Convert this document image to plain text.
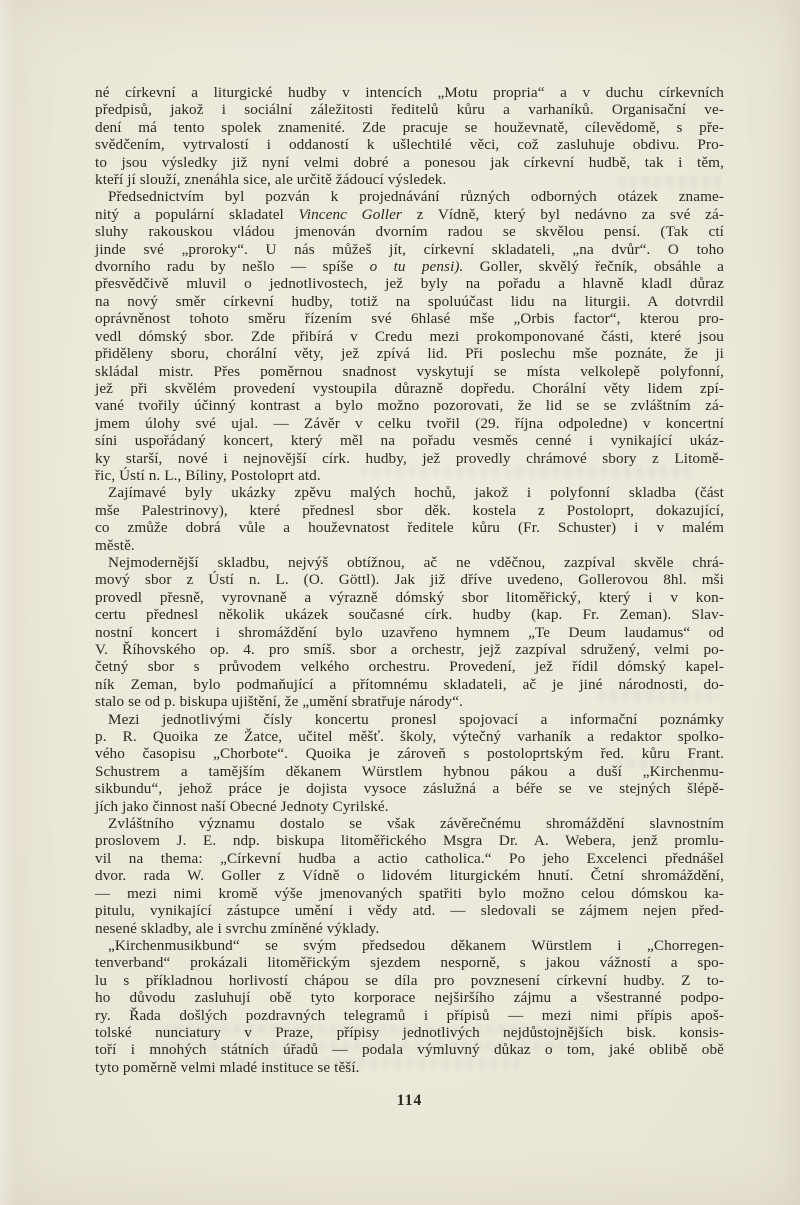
né církevní a liturgické hudby v intencích „Motu propria“ a v duchu církevních
předpisů, jakož i sociální záležitosti ředitelů kůru a varhaníků. Organisační ve-
dení má tento spolek znamenité. Zde pracuje se houževnatě, cílevědomě, s pře-
svědčením, vytrvalostí i oddaností k ušlechtilé věci, což zasluhuje obdivu. Pro-
to jsou výsledky již nyní velmi dobré a ponesou jak církevní hudbě, tak i těm,
kteří jí slouží, znenáhla sice, ale určitě žádoucí výsledek.
Předsednictvím byl pozván k projednávání různých odborných otázek zname-
nitý a populární skladatel Vincenc Goller z Vídně, který byl nedávno za své zá-
sluhy rakouskou vládou jmenován dvorním radou se skvělou pensí. (Tak ctí
jinde své „proroky“. U nás můžeš jít, církevní skladateli, „na dvůr“. O toho
dvorního radu by nešlo — spíše o tu pensi). Goller, skvělý řečník, obsáhle a
přesvědčivě mluvil o jednotlivostech, jež byly na pořadu a hlavně kladl důraz
na nový směr církevní hudby, totiž na spoluúčast lidu na liturgii. A dotvrdil
oprávněnost tohoto směru řízením své 6hlasé mše „Orbis factor“, kterou pro-
vedl dómský sbor. Zde přibírá v Credu mezi prokomponované části, které jsou
přiděleny sboru, chorální věty, jež zpívá lid. Při poslechu mše poznáte, že ji
skládal mistr. Přes poměrnou snadnost vyskytují se místa velkolepě polyfonní,
jež při skvělém provedení vystoupila důrazně dopředu. Chorální věty lidem zpí-
vané tvořily účinný kontrast a bylo možno pozorovati, že lid se se zvláštním zá-
jmem úlohy své ujal. — Závěr v celku tvořil (29. října odpoledne) v koncertní
síni uspořádaný koncert, který měl na pořadu vesměs cenné i vynikající ukáz-
ky starší, nové i nejnovější círk. hudby, jež provedly chrámové sbory z Litomě-
řic, Ústí n. L., Bíliny, Postoloprt atd.
Zajímavé byly ukázky zpěvu malých hochů, jakož i polyfonní skladba (část
mše Palestrinovy), které přednesl sbor děk. kostela z Postoloprt, dokazující,
co zmůže dobrá vůle a houževnatost ředitele kůru (Fr. Schuster) i v malém
městě.
Nejmodernější skladbu, nejvýš obtížnou, ač ne vděčnou, zazpíval skvěle chrá-
mový sbor z Ústí n. L. (O. Göttl). Jak již dříve uvedeno, Gollerovou 8hl. mši
provedl přesně, vyrovnaně a výrazně dómský sbor litoměřický, který i v kon-
certu přednesl několik ukázek současné círk. hudby (kap. Fr. Zeman). Slav-
nostní koncert i shromáždění bylo uzavřeno hymnem „Te Deum laudamus“ od
V. Říhovského op. 4. pro smíš. sbor a orchestr, jejž zazpíval sdružený, velmi po-
četný sbor s průvodem velkého orchestru. Provedení, jež řídil dómský kapel-
ník Zeman, bylo podmaňující a přítomnému skladateli, ač je jiné národnosti, do-
stalo se od p. biskupa ujištění, že „umění sbratřuje národy“.
Mezi jednotlivými čísly koncertu pronesl spojovací a informační poznámky
p. R. Quoika ze Žatce, učitel měšť. školy, výtečný varhaník a redaktor spolko-
vého časopisu „Chorbote“. Quoika je zároveň s postoloprtským řed. kůru Frant.
Schustrem a tamějším děkanem Würstlem hybnou pákou a duší „Kirchenmu-
sikbundu“, jehož práce je dojista vysoce záslužná a béře se ve stejných šlépě-
jích jako činnost naší Obecné Jednoty Cyrilské.
Zvláštního významu dostalo se však závěrečnému shromáždění slavnostním
proslovem J. E. ndp. biskupa litoměřického Msgra Dr. A. Webera, jenž promlu-
vil na thema: „Církevní hudba a actio catholica.“ Po jeho Excelenci přednášel
dvor. rada W. Goller z Vídně o lidovém liturgickém hnutí. Četní shromáždění,
— mezi nimi kromě výše jmenovaných spatřiti bylo možno celou dómskou ka-
pitulu, vynikající zástupce umění i vědy atd. — sledovali se zájmem nejen před-
nesené skladby, ale i svrchu zmíněné výklady.
„Kirchenmusikbund“ se svým předsedou děkanem Würstlem i „Chorregen-
tenverband“ prokázali litoměřickým sjezdem nesporně, s jakou vážností a spo-
lu s příkladnou horlivostí chápou se díla pro povznesení církevní hudby. Z to-
ho důvodu zasluhují obě tyto korporace nejširšího zájmu a všestranné podpo-
ry. Řada došlých pozdravných telegramů i přípisů — mezi nimi přípis apoš-
tolské nunciatury v Praze, přípisy jednotlivých nejdůstojnějších bisk. konsis-
toří i mnohých státních úřadů — podala výmluvný důkaz o tom, jaké oblibě obě
tyto poměrně velmi mladé instituce se těší.
114
